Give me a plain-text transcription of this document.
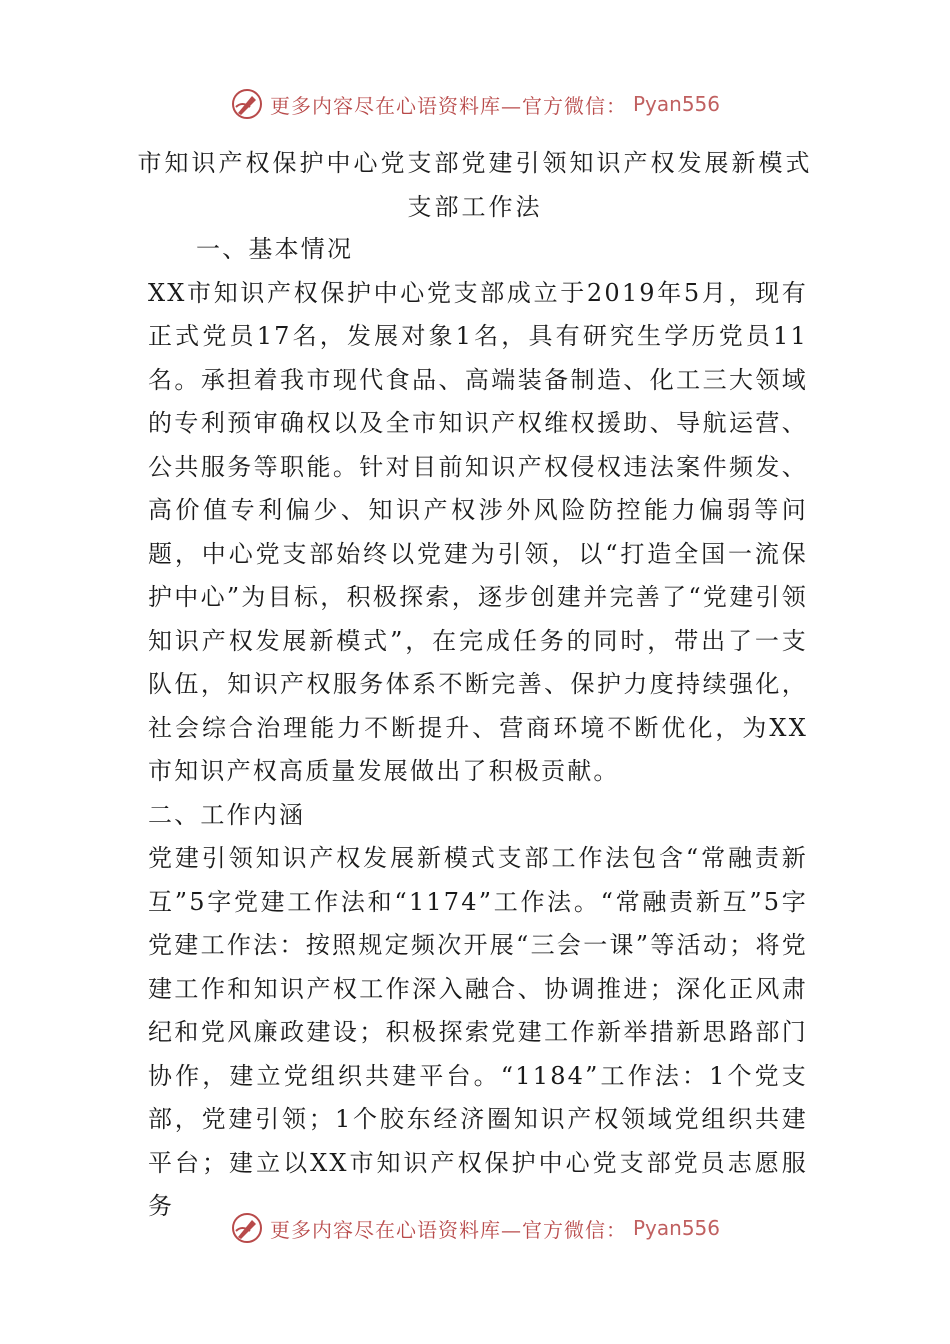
更多内容尽在心语资料库—官方微信： Pyan556
市知识产权保护中心党支部党建引领知识产权发展新模式
支部工作法
一、基本情况

XX市知识产权保护中心党支部成立于2019年5月，现有正式党员17名，发展对象1名，具有研究生学历党员11名。承担着我市现代食品、高端装备制造、化工三大领域的专利预审确权以及全市知识产权维权援助、导航运营、公共服务等职能。针对目前知识产权侵权违法案件频发、高价值专利偏少、知识产权涉外风险防控能力偏弱等问题，中心党支部始终以党建为引领，以“打造全国一流保护中心”为目标，积极探索，逐步创建并完善了“党建引领知识产权发展新模式”，在完成任务的同时，带出了一支队伍，知识产权服务体系不断完善、保护力度持续强化，社会综合治理能力不断提升、营商环境不断优化，为XX市知识产权高质量发展做出了积极贡献。

二、工作内涵

党建引领知识产权发展新模式支部工作法包含“常融责新互”5字党建工作法和“1174”工作法。“常融责新互”5字党建工作法：按照规定频次开展“三会一课”等活动；将党建工作和知识产权工作深入融合、协调推进；深化正风肃纪和党风廉政建设；积极探索党建工作新举措新思路部门协作，建立党组织共建平台。“1184”工作法：1个党支部，党建引领；1个胶东经济圈知识产权领域党组织共建平台；建立以XX市知识产权保护中心党支部党员志愿服务

更多内容尽在心语资料库—官方微信： Pyan556
